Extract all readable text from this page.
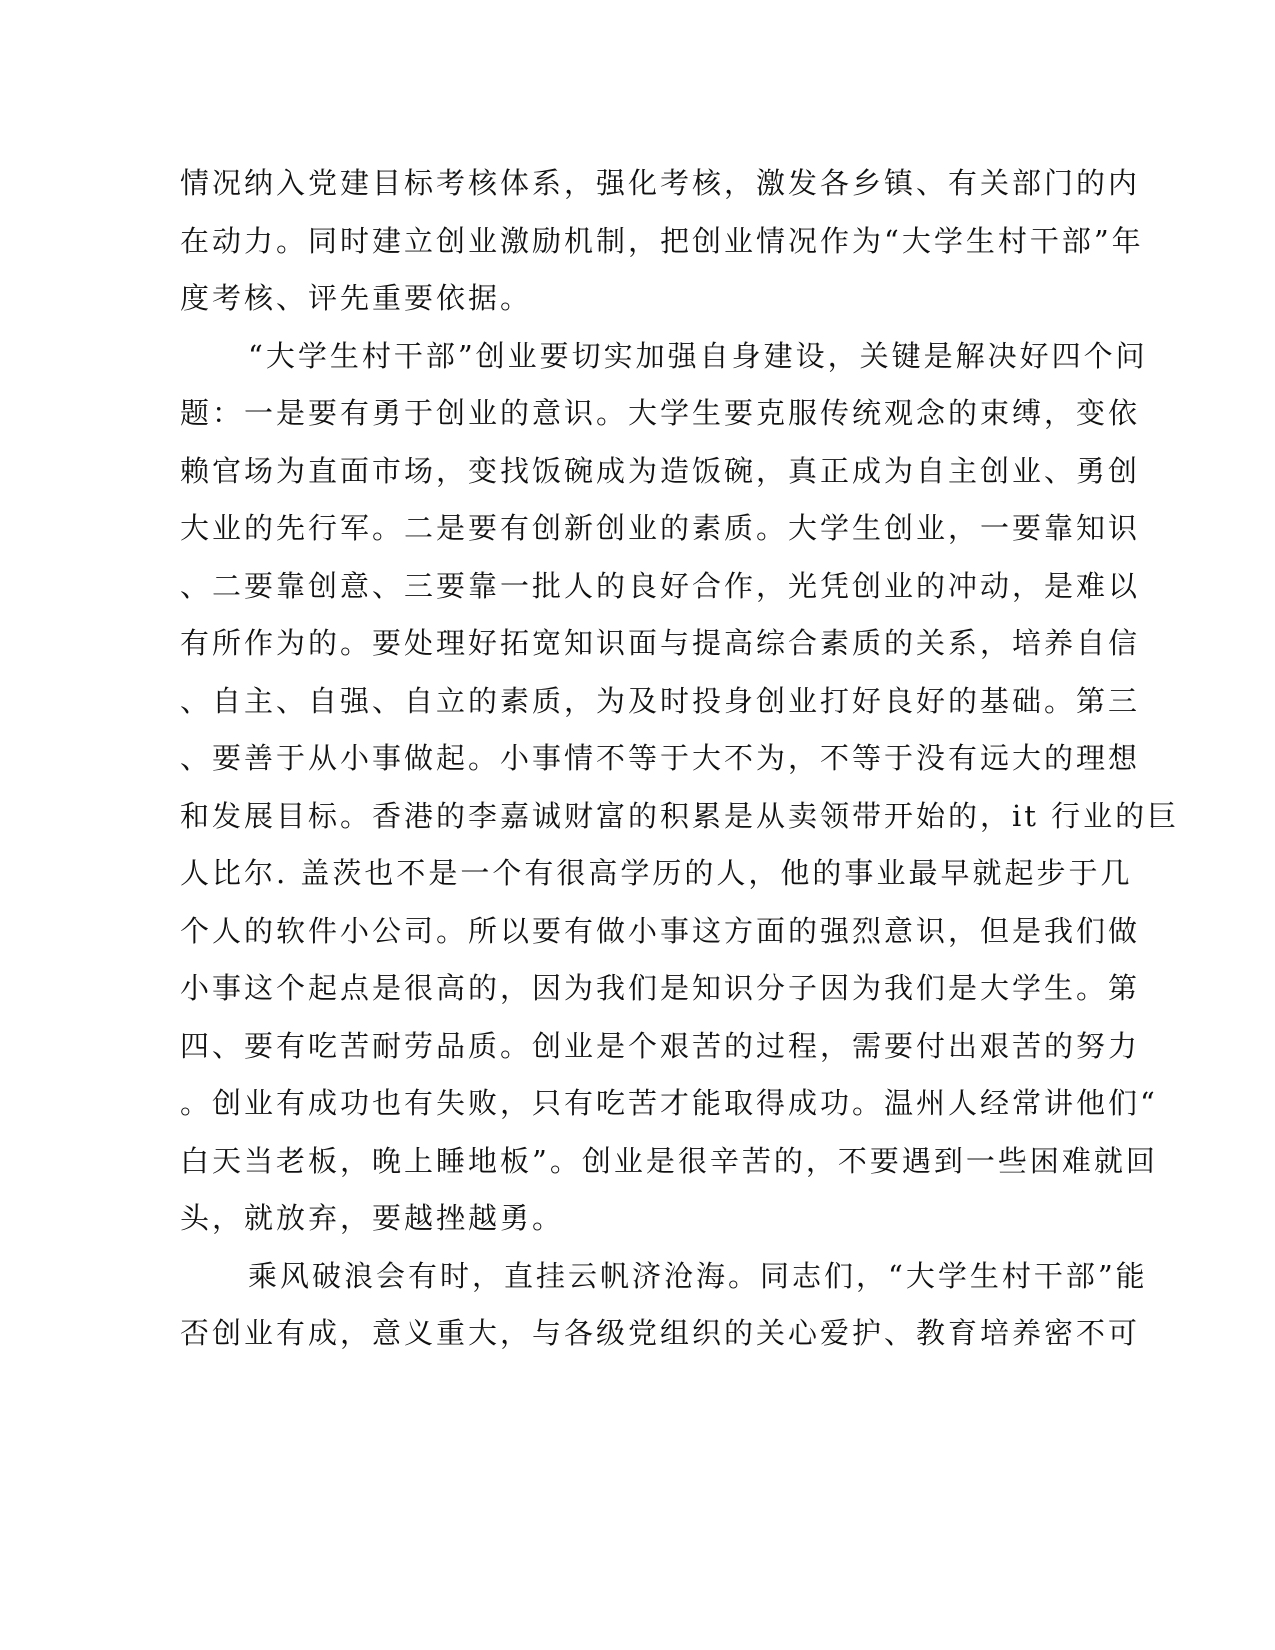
情况纳入党建目标考核体系，强化考核，激发各乡镇、有关部门的内
在动力。同时建立创业激励机制，把创业情况作为“大学生村干部”年
度考核、评先重要依据。
“大学生村干部”创业要切实加强自身建设，关键是解决好四个问
题：一是要有勇于创业的意识。大学生要克服传统观念的束缚，变依
赖官场为直面市场，变找饭碗成为造饭碗，真正成为自主创业、勇创
大业的先行军。二是要有创新创业的素质。大学生创业，一要靠知识
、二要靠创意、三要靠一批人的良好合作，光凭创业的冲动，是难以
有所作为的。要处理好拓宽知识面与提高综合素质的关系，培养自信
、自主、自强、自立的素质，为及时投身创业打好良好的基础。第三
、要善于从小事做起。小事情不等于大不为，不等于没有远大的理想
和发展目标。香港的李嘉诚财富的积累是从卖领带开始的，it 行业的巨
人比尔. 盖茨也不是一个有很高学历的人，他的事业最早就起步于几
个人的软件小公司。所以要有做小事这方面的强烈意识，但是我们做
小事这个起点是很高的，因为我们是知识分子因为我们是大学生。第
四、要有吃苦耐劳品质。创业是个艰苦的过程，需要付出艰苦的努力
。创业有成功也有失败，只有吃苦才能取得成功。温州人经常讲他们“
白天当老板，晚上睡地板”。创业是很辛苦的，不要遇到一些困难就回
头，就放弃，要越挫越勇。
乘风破浪会有时，直挂云帆济沧海。同志们，“大学生村干部”能
否创业有成，意义重大，与各级党组织的关心爱护、教育培养密不可
